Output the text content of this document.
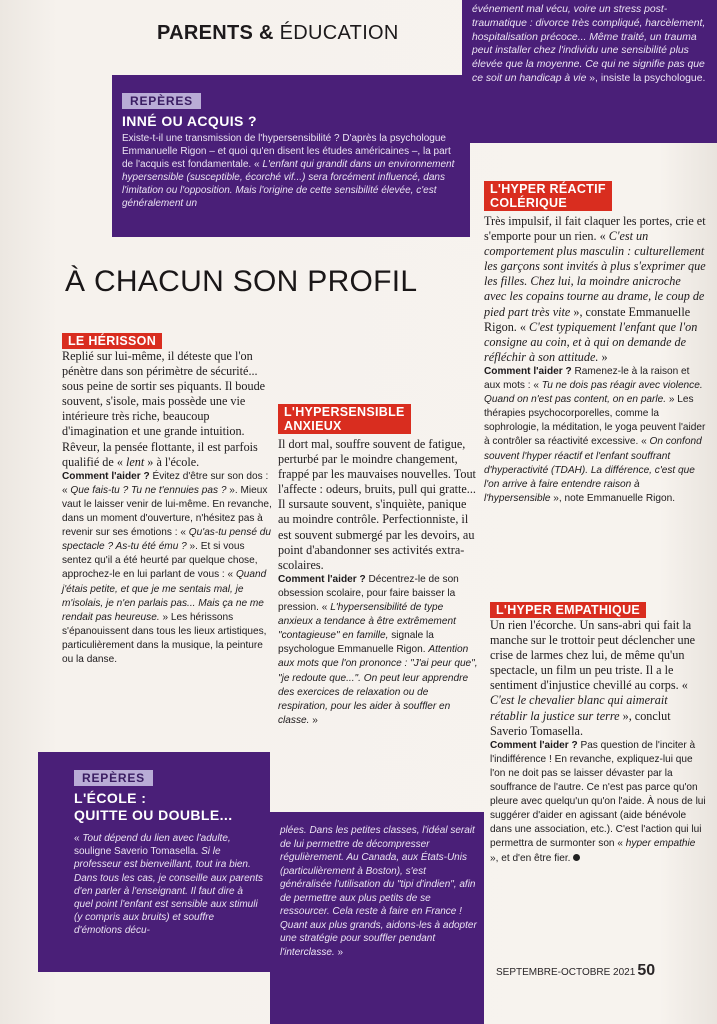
PARENTS & ÉDUCATION

événement mal vécu, voire un stress post-traumatique : divorce très compliqué, harcèlement, hospitalisation précoce... Même traité, un trauma peut installer chez l'individu une sensibilité plus élevée que la moyenne. Ce qui ne signifie pas que ce soit un handicap à vie », insiste la psychologue.

REPÈRES
INNÉ OU ACQUIS ?

Existe-t-il une transmission de l'hypersensibilité ? D'après la psychologue Emmanuelle Rigon – et quoi qu'en disent les études américaines –, la part de l'acquis est fondamentale. « L'enfant qui grandit dans un environnement hypersensible (susceptible, écorché vif...) sera forcément influencé, dans l'imitation ou l'opposition. Mais l'origine de cette sensibilité élevée, c'est généralement un

À CHACUN SON PROFIL
LE HÉRISSON

Replié sur lui-même, il déteste que l'on pénètre dans son périmètre de sécurité... sous peine de sortir ses piquants. Il boude souvent, s'isole, mais possède une vie intérieure très riche, beaucoup d'imagination et une grande intuition. Rêveur, la pensée flottante, il est parfois qualifié de « lent » à l'école.

Comment l'aider ? Évitez d'être sur son dos : « Que fais-tu ? Tu ne t'ennuies pas ? ». Mieux vaut le laisser venir de lui-même. En revanche, dans un moment d'ouverture, n'hésitez pas à revenir sur ses émotions : « Qu'as-tu pensé du spectacle ? As-tu été ému ? ». Et si vous sentez qu'il a été heurté par quelque chose, approchez-le en lui parlant de vous : « Quand j'étais petite, et que je me sentais mal, je m'isolais, je n'en parlais pas... Mais ça ne me rendait pas heureuse. » Les hérissons s'épanouissent dans tous les lieux artistiques, particulièrement dans la musique, la peinture ou la danse.

L'HYPERSENSIBLE
ANXIEUX

Il dort mal, souffre souvent de fatigue, perturbé par le moindre changement, frappé par les mauvaises nouvelles. Tout l'affecte : odeurs, bruits, pull qui gratte... Il sursaute souvent, s'inquiète, panique au moindre contrôle. Perfectionniste, il est souvent submergé par les devoirs, au point d'abandonner ses activités extra-scolaires.

Comment l'aider ? Décentrez-le de son obsession scolaire, pour faire baisser la pression. « L'hypersensibilité de type anxieux a tendance à être extrêmement "contagieuse" en famille, signale la psychologue Emmanuelle Rigon. Attention aux mots que l'on prononce : "J'ai peur que", "je redoute que...". On peut leur apprendre des exercices de relaxation ou de respiration, pour les aider à souffler en classe. »

L'HYPER RÉACTIF
COLÉRIQUE

Très impulsif, il fait claquer les portes, crie et s'emporte pour un rien. « C'est un comportement plus masculin : culturellement les garçons sont invités à plus s'exprimer que les filles. Chez lui, la moindre anicroche avec les copains tourne au drame, le coup de pied part très vite », constate Emmanuelle Rigon. « C'est typiquement l'enfant que l'on consigne au coin, et à qui on demande de réfléchir à son attitude. »

Comment l'aider ? Ramenez-le à la raison et aux mots : « Tu ne dois pas réagir avec violence. Quand on n'est pas content, on en parle. » Les thérapies psychocorporelles, comme la sophrologie, la méditation, le yoga peuvent l'aider à contrôler sa réactivité excessive. « On confond souvent l'hyper réactif et l'enfant souffrant d'hyperactivité (TDAH). La différence, c'est que l'on arrive à faire entendre raison à l'hypersensible », note Emmanuelle Rigon.

L'HYPER EMPATHIQUE

Un rien l'écorche. Un sans-abri qui fait la manche sur le trottoir peut déclencher une crise de larmes chez lui, de même qu'un spectacle, un film un peu triste. Il a le sentiment d'injustice chevillé au corps. « C'est le chevalier blanc qui aimerait rétablir la justice sur terre », conclut Saverio Tomasella.

Comment l'aider ? Pas question de l'inciter à l'indifférence ! En revanche, expliquez-lui que l'on ne doit pas se laisser dévaster par la souffrance de l'autre. Ce n'est pas parce qu'on pleure avec quelqu'un qu'on l'aide. À nous de lui suggérer d'aider en agissant (aide bénévole dans une association, etc.). C'est l'action qui lui permettra de surmonter son « hyper empathie », et d'en être fier.

REPÈRES
L'ÉCOLE :
QUITTE OU DOUBLE...

« Tout dépend du lien avec l'adulte, souligne Saverio Tomasella. Si le professeur est bienveillant, tout ira bien. Dans tous les cas, je conseille aux parents d'en parler à l'enseignant. Il faut dire à quel point l'enfant est sensible aux stimuli (y compris aux bruits) et souffre d'émotions décu-

plées. Dans les petites classes, l'idéal serait de lui permettre de décompresser régulièrement. Au Canada, aux États-Unis (particulièrement à Boston), s'est généralisée l'utilisation du "tipi d'indien", afin de permettre aux plus petits de se ressourcer. Cela reste à faire en France ! Quant aux plus grands, aidons-les à adopter une stratégie pour souffler pendant l'interclasse. »

SEPTEMBRE-OCTOBRE 2021 50
